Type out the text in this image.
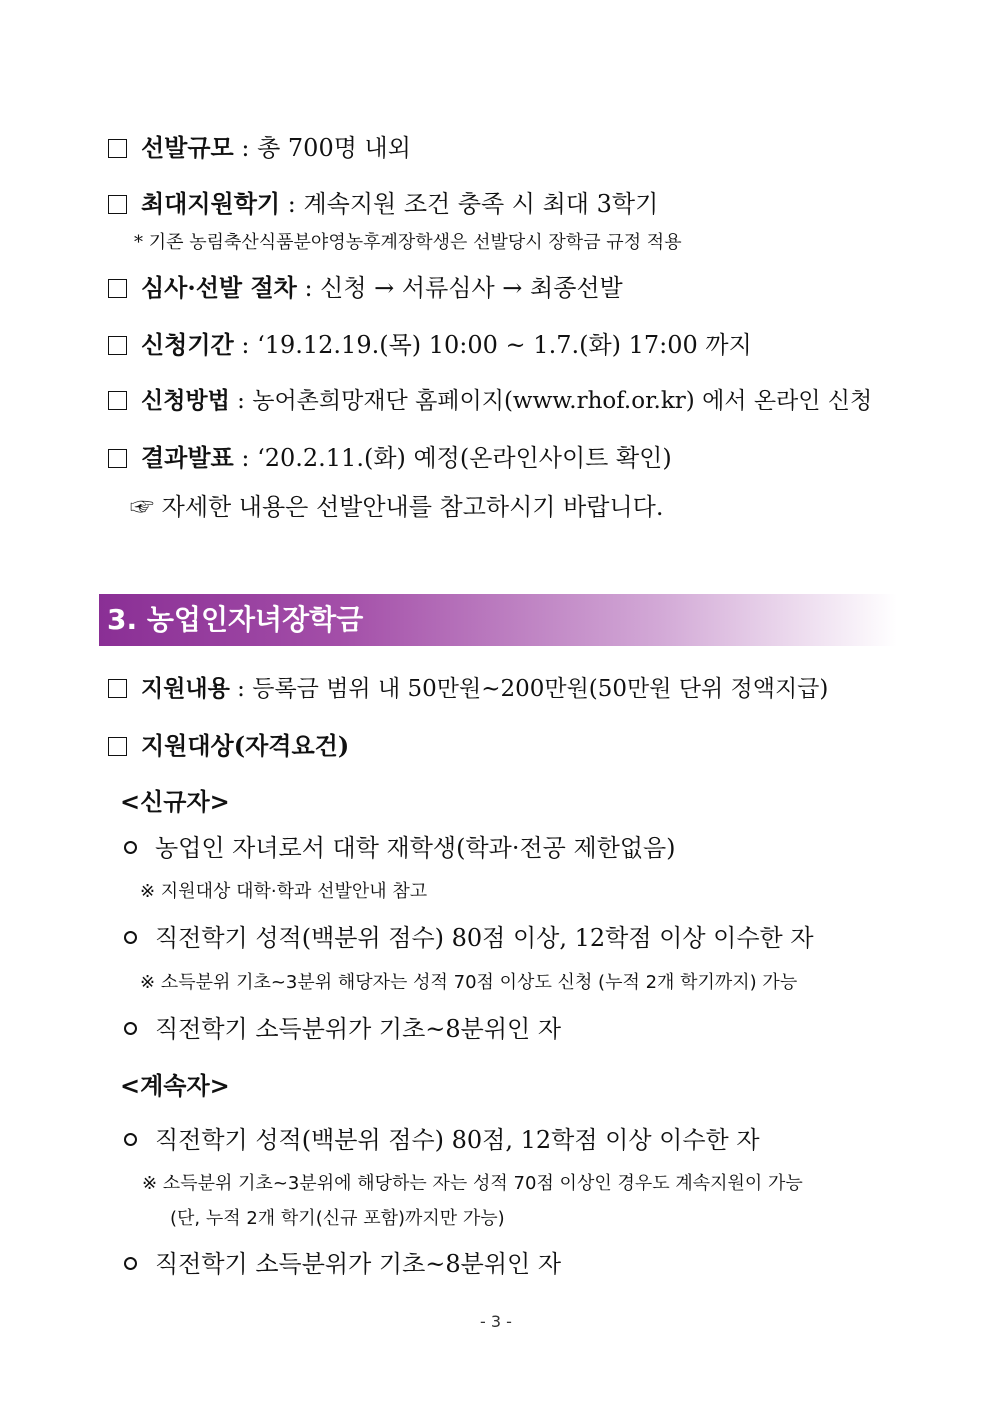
선발규모 : 총 700명 내외
최대지원학기 : 계속지원 조건 충족 시 최대 3학기
* 기존 농림축산식품분야영농후계장학생은 선발당시 장학금 규정 적용
심사·선발 절차 : 신청 → 서류심사 → 최종선발
신청기간 : ‘19.12.19.(목) 10:00 ~ 1.7.(화) 17:00 까지
신청방법 : 농어촌희망재단 홈페이지(www.rhof.or.kr) 에서 온라인 신청
결과발표 : ‘20.2.11.(화) 예정(온라인사이트 확인)
☞ 자세한 내용은 선발안내를 참고하시기 바랍니다.
3. 농업인자녀장학금
지원내용 : 등록금 범위 내 50만원~200만원(50만원 단위 정액지급)
지원대상(자격요건)
<신규자>
농업인 자녀로서 대학 재학생(학과·전공 제한없음)
※ 지원대상 대학·학과 선발안내 참고
직전학기 성적(백분위 점수) 80점 이상, 12학점 이상 이수한 자
※ 소득분위 기초~3분위 해당자는 성적 70점 이상도 신청 (누적 2개 학기까지) 가능
직전학기 소득분위가 기초~8분위인 자
<계속자>
직전학기 성적(백분위 점수) 80점, 12학점 이상 이수한 자
※ 소득분위 기초~3분위에 해당하는 자는 성적 70점 이상인 경우도 계속지원이 가능
(단, 누적 2개 학기(신규 포함)까지만 가능)
직전학기 소득분위가 기초~8분위인 자
- 3 -
